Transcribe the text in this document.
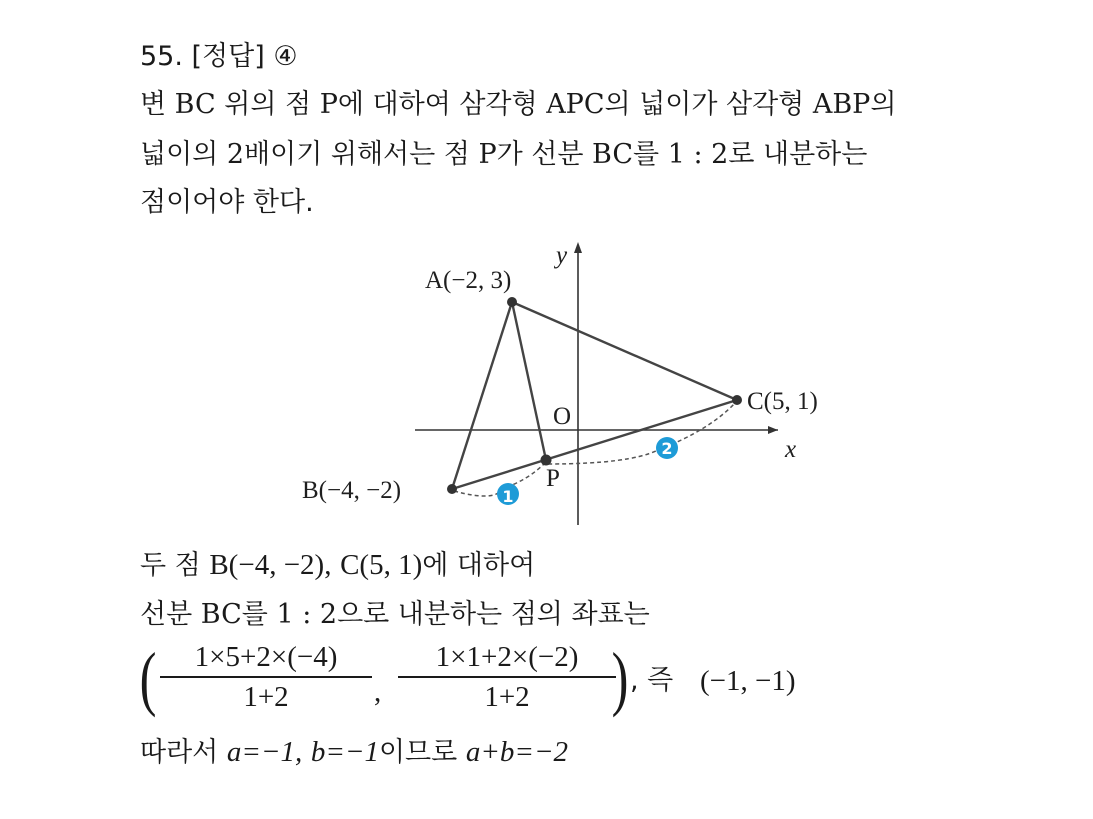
55. [정답] ④
변 BC 위의 점 P에 대하여 삼각형 APC의 넓이가 삼각형 ABP의
넓이의 2배이기 위해서는 점 P가 선분 BC를 1 : 2로 내분하는
점이어야 한다.
1
2
y
x
O
A(−2, 3)
B(−4, −2)
C(5, 1)
P
두 점 B(−4, −2), C(5, 1)에 대하여
선분 BC를 1 : 2으로 내분하는 점의 좌표는
(	1×5+2×(−4)
1+2	,
1×1+2×(−2)
1+2	) , 즉 (−1, −1)
따라서 a=−1, b=−1이므로 a+b=−2
